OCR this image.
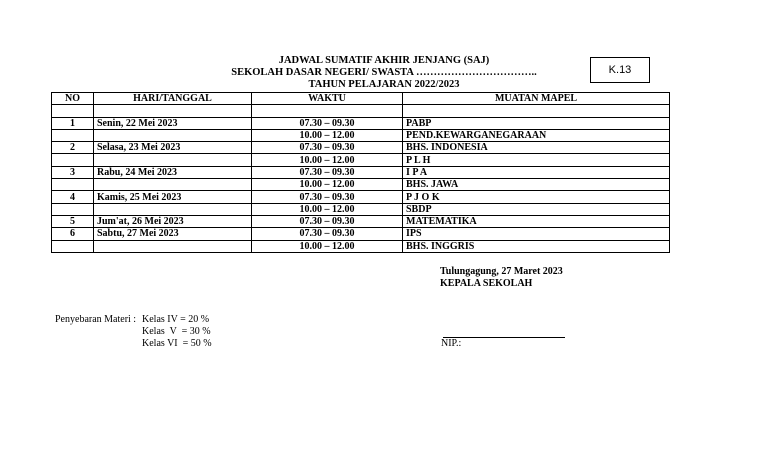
JADWAL SUMATIF AKHIR JENJANG (SAJ)
SEKOLAH DASAR NEGERI/ SWASTA ……………………………..
TAHUN PELAJARAN 2022/2023
K.13
NO	HARI/TANGGAL	WAKTU	MUATAN MAPEL

1	Senin, 22 Mei 2023	07.30 – 09.30	PABP
		10.00 – 12.00	PEND.KEWARGANEGARAAN
2	Selasa, 23 Mei 2023	07.30 – 09.30	BHS. INDONESIA
		10.00 – 12.00	P L H
3	Rabu, 24 Mei 2023	07.30 – 09.30	I P A
		10.00 – 12.00	BHS. JAWA
4	Kamis, 25 Mei 2023	07.30 – 09.30	P J O K
		10.00 – 12.00	SBDP
5	Jum'at, 26 Mei 2023	07.30 – 09.30	MATEMATIKA
6	Sabtu, 27 Mei 2023	07.30 – 09.30	IPS
		10.00 – 12.00	BHS. INGGRIS
Tulungagung, 27 Maret 2023
KEPALA SEKOLAH
NIP.:
Penyebaran Materi : Kelas IV = 20 %
Kelas  V  = 30 %
Kelas VI  = 50 %
